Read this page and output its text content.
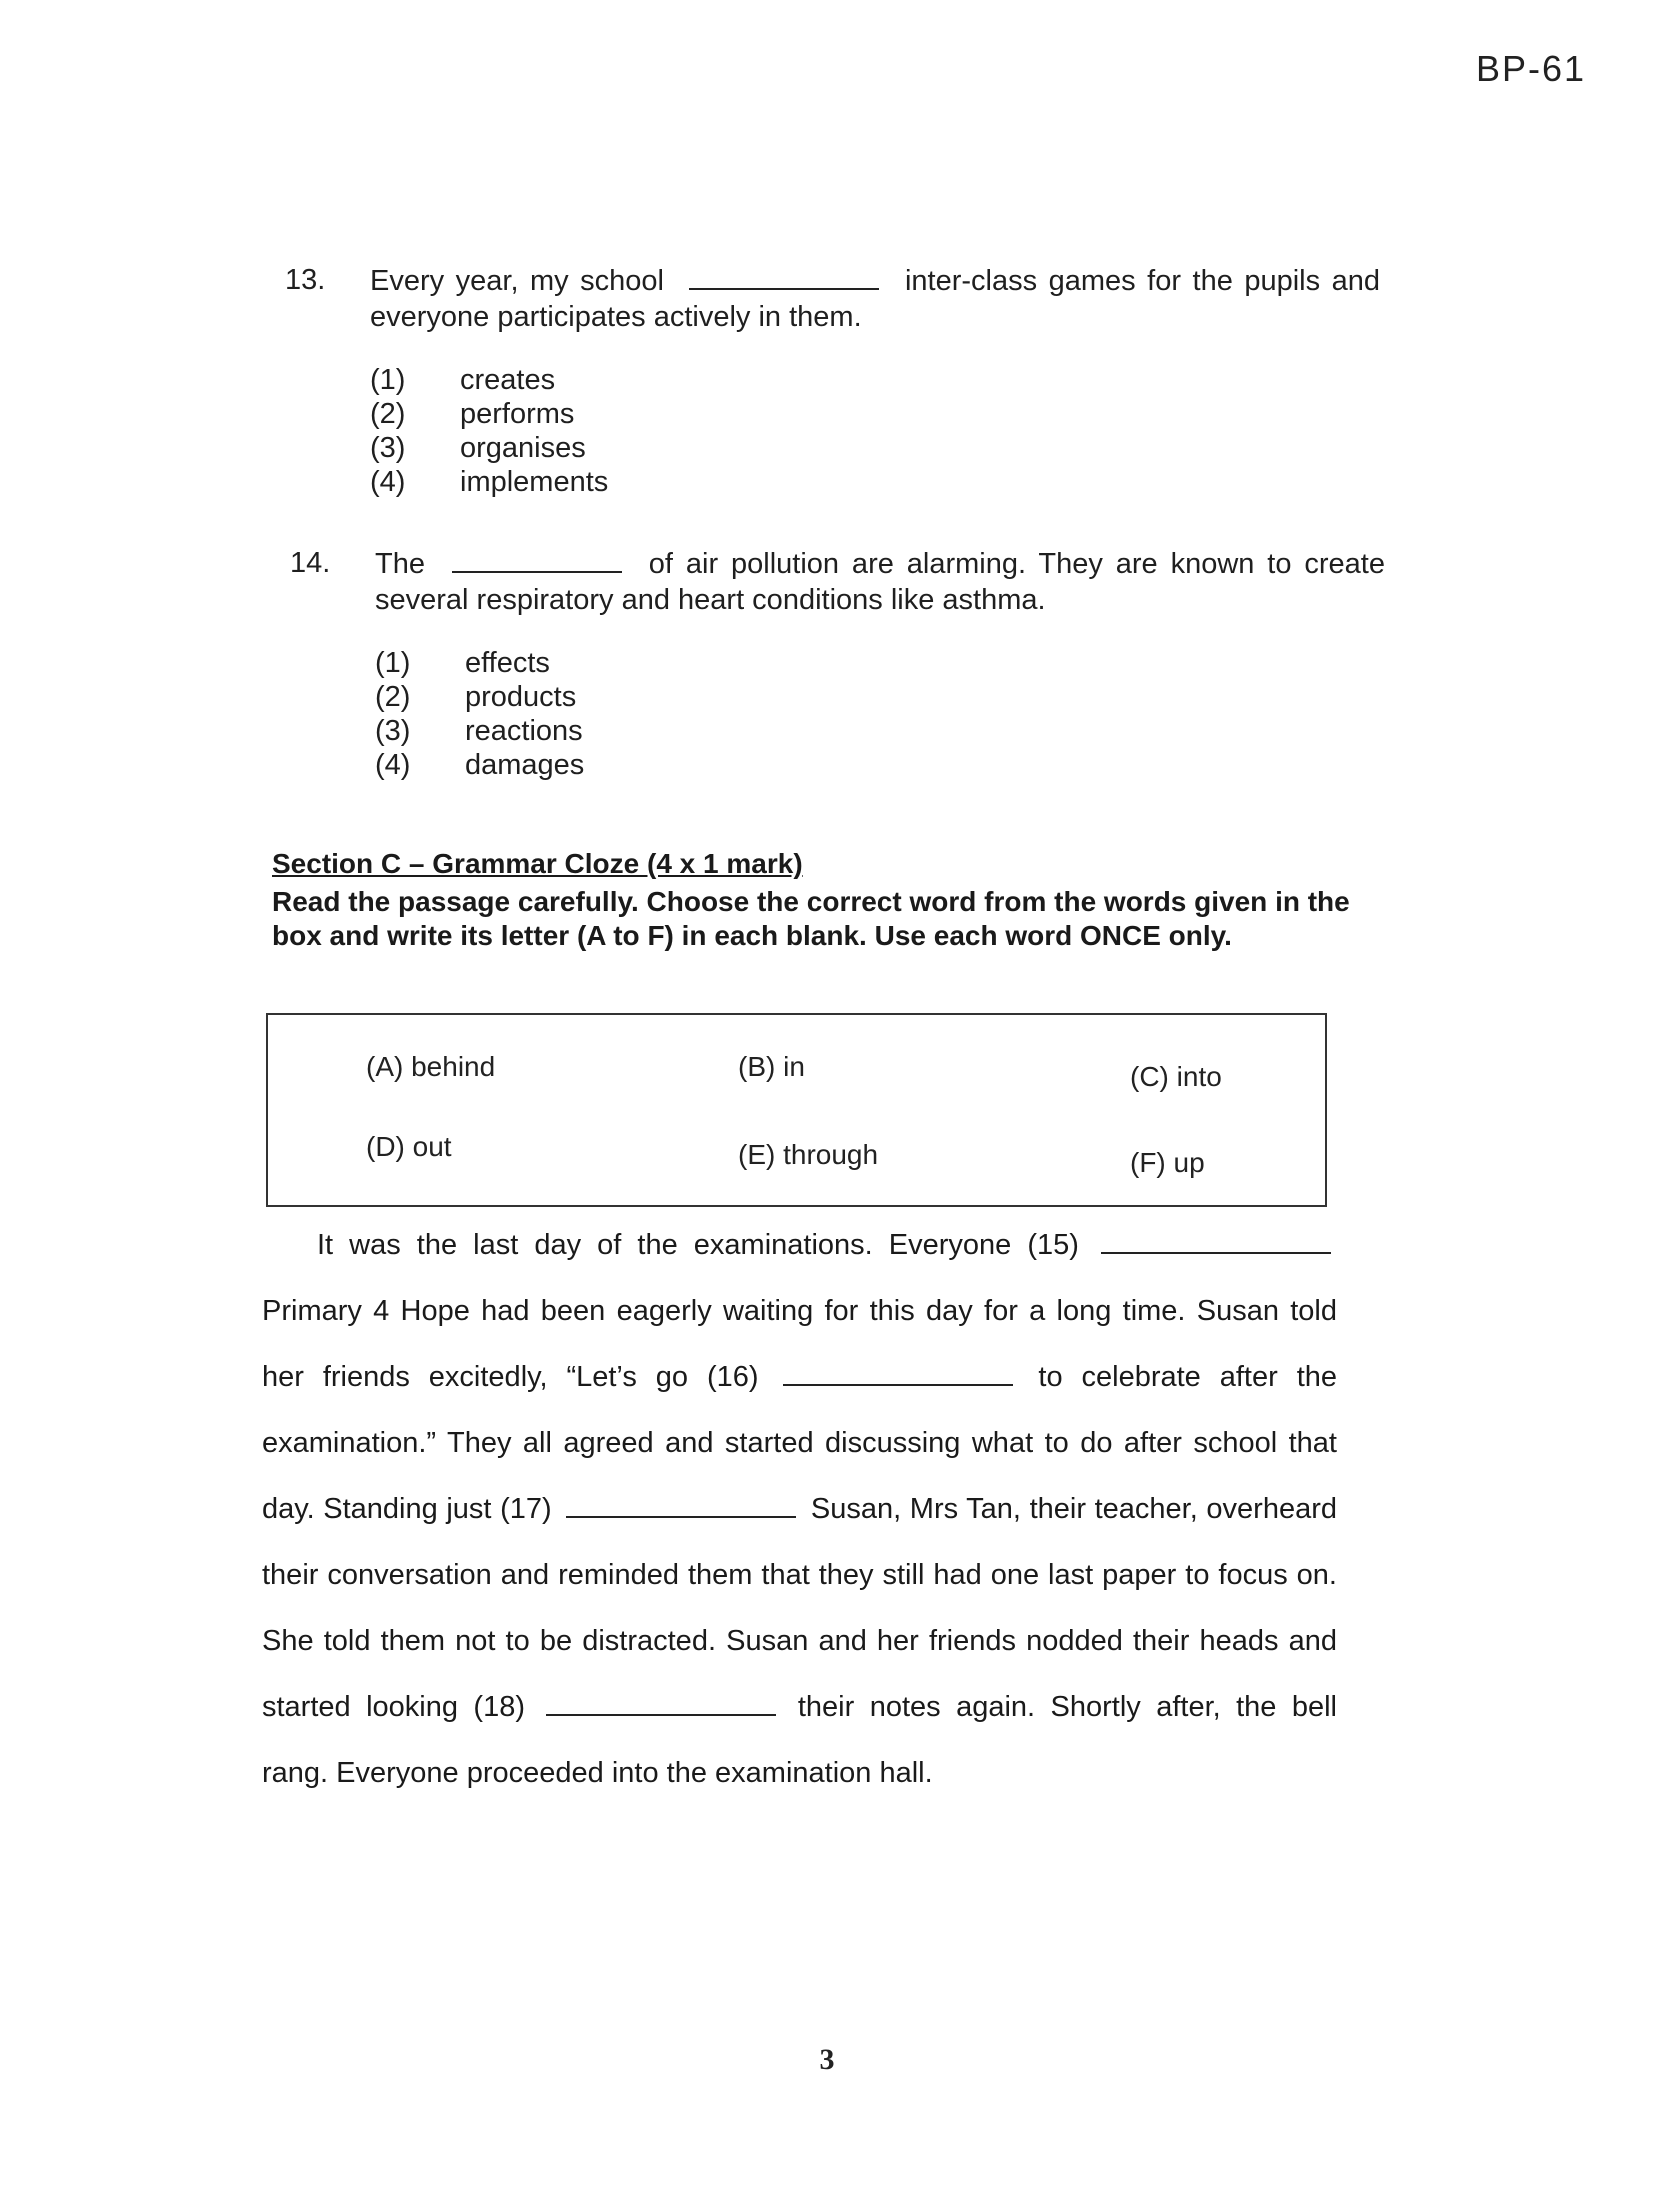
BP-61
13.	Every year, my school	inter-class games for the pupils and everyone participates actively in them.
(1) creates
(2) performs
(3) organises
(4) implements
14.	The	of air pollution are alarming. They are known to create several respiratory and heart conditions like asthma.
(1) effects
(2) products
(3) reactions
(4) damages
Section C – Grammar Cloze (4 x 1 mark)
Read the passage carefully. Choose the correct word from the words given in the box and write its letter (A to F) in each blank. Use each word ONCE only.
(A) behind	(B) in	(C) into
(D) out	(E) through	(F) up

It was the last day of the examinations. Everyone (15)  Primary 4 Hope had been eagerly waiting for this day for a long time. Susan told her friends excitedly, “Let’s go (16)	to celebrate after the examination.” They all agreed and started discussing what to do after school that day. Standing just (17)	Susan, Mrs Tan, their teacher, overheard their conversation and reminded them that they still had one last paper to focus on. She told them not to be distracted. Susan and her friends nodded their heads and started looking (18)	their notes again. Shortly after, the bell rang. Everyone proceeded into the examination hall.

3
